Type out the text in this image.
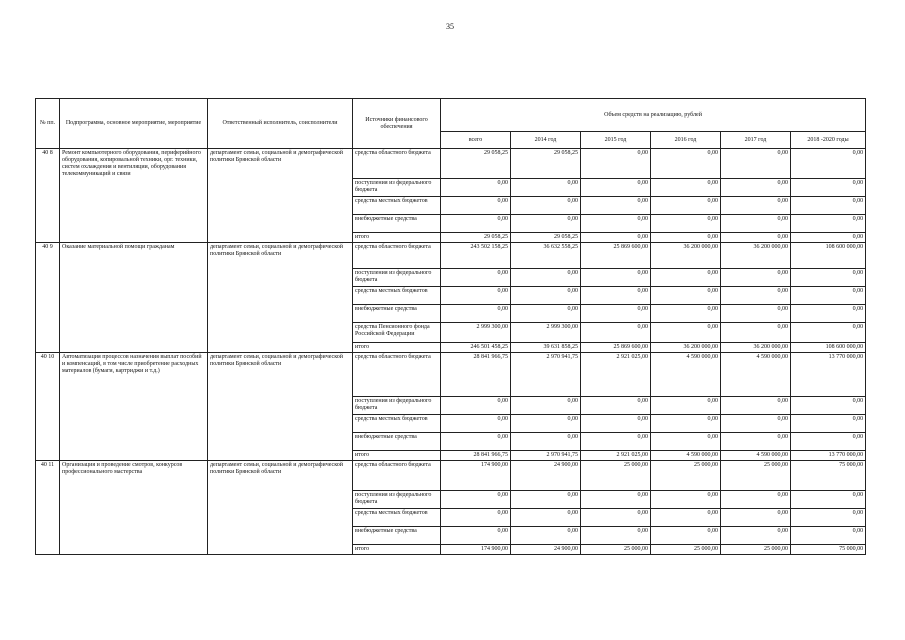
35
№ пп.	Подпрограмма, основное мероприятие, мероприятие	Ответственный исполнитель, соисполнители	Источники финансового обеспечения	Объем средств на реализацию, рублей					
				всего	2014 год	2015 год	2016 год	2017 год	2018 -2020 годы
40 8	Ремонт компьютерного оборудования, периферийного оборудования, копировальной техники, орг. техники, систем охлаждения и вентиляции, оборудования телекоммуникаций и связи	департамент семьи, социальной и демографической политики Брянской области	средства областного бюджета	29 058,25	29 058,25	0,00	0,00	0,00	0,00
			поступления из федерального бюджета	0,00	0,00	0,00	0,00	0,00	0,00
			средства местных бюджетов	0,00	0,00	0,00	0,00	0,00	0,00
			внебюджетные средства	0,00	0,00	0,00	0,00	0,00	0,00
			итого	29 058,25	29 058,25	0,00	0,00	0,00	0,00
40 9	Оказание материальной помощи гражданам	департамент семьи, социальной и демографической политики Брянской области	средства областного бюджета	243 502 158,25	36 632 558,25	25 869 600,00	36 200 000,00	36 200 000,00	108 600 000,00
			поступления из федерального бюджета	0,00	0,00	0,00	0,00	0,00	0,00
			средства местных бюджетов	0,00	0,00	0,00	0,00	0,00	0,00
			внебюджетные средства	0,00	0,00	0,00	0,00	0,00	0,00
			средства Пенсионного фонда Российской Федерации	2 999 300,00	2 999 300,00	0,00	0,00	0,00	0,00
			итого	246 501 458,25	39 631 858,25	25 869 600,00	36 200 000,00	36 200 000,00	108 600 000,00
40 10	Автоматизация процессов назначения выплат пособий и компенсаций, в том числе приобретение расходных материалов (бумаги, картриджи и т.д.)	департамент семьи, социальной и демографической политики Брянской области	средства областного бюджета	28 841 966,75	2 970 941,75	2 921 025,00	4 590 000,00	4 590 000,00	13 770 000,00
			поступления из федерального бюджета	0,00	0,00	0,00	0,00	0,00	0,00
			средства местных бюджетов	0,00	0,00	0,00	0,00	0,00	0,00
			внебюджетные средства	0,00	0,00	0,00	0,00	0,00	0,00
			итого	28 841 966,75	2 970 941,75	2 921 025,00	4 590 000,00	4 590 000,00	13 770 000,00
40 11	Организация и проведение смотров, конкурсов профессионального мастерства	департамент семьи, социальной и демографической политики Брянской области	средства областного бюджета	174 900,00	24 900,00	25 000,00	25 000,00	25 000,00	75 000,00
			поступления из федерального бюджета	0,00	0,00	0,00	0,00	0,00	0,00
			средства местных бюджетов	0,00	0,00	0,00	0,00	0,00	0,00
			внебюджетные средства	0,00	0,00	0,00	0,00	0,00	0,00
			итого	174 900,00	24 900,00	25 000,00	25 000,00	25 000,00	75 000,00
